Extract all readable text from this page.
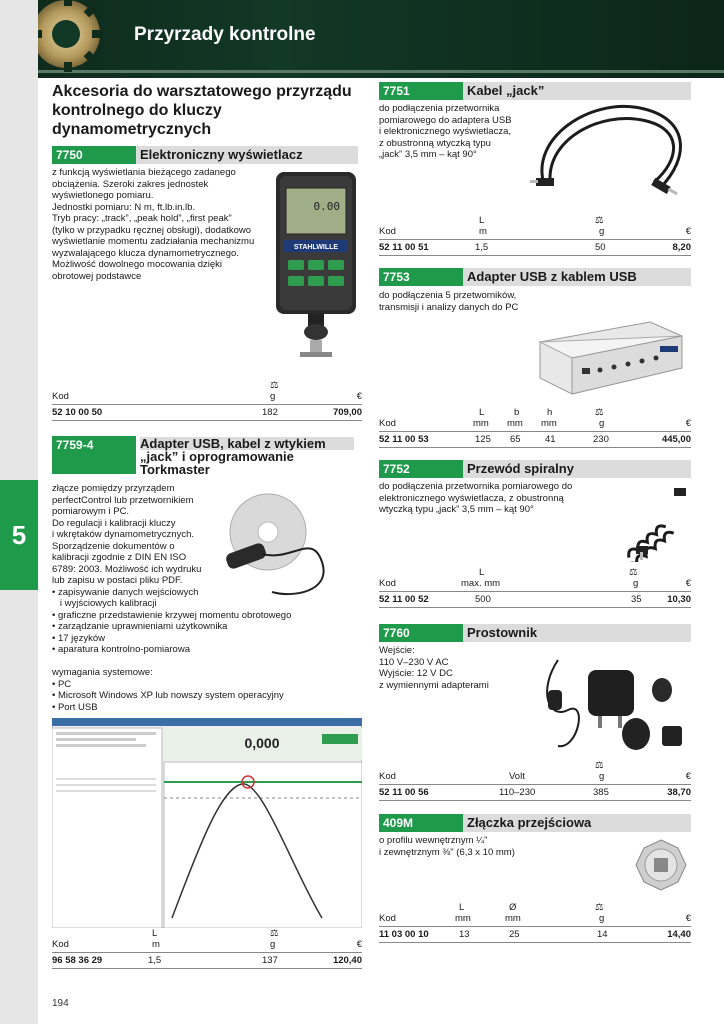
5
Przyrzady kontrolne
Akcesoria do warsztatowego przyrządu kontrolnego do kluczy dynamometrycznych
7750	Elektroniczny wyświetlacz
z funkcją wyświetlania bieżącego zadanego
obciążenia. Szeroki zakres jednostek
wyświetlonego pomiaru.
Jednostki pomiaru: N m, ft.lb.in.lb.
Tryb pracy: „track”, „peak hold”, „first peak”
(tylko w przypadku ręcznej obsługi), dodatkowo
wyświetlanie momentu zadziałania mechanizmu
wyzwalającego klucza dynamometrycznego.
Możliwość dowolnego mocowania dzięki
obrotowej podstawce
0.00
STAHLWILLE
⚖
Kod	g	€
52 10 00 50	182	709,00
7759-4	Adapter USB, kabel z wtykiem
„jack” i oprogramowanie
Torkmaster
złącze pomiędzy przyrządem
perfectControl lub przetwornikiem
pomiarowym i PC.
Do regulacji i kalibracji kluczy
i wkrętaków dynamometrycznych.
Sporządzenie dokumentów o
kalibracji zgodnie z DIN EN ISO
6789: 2003. Możliwość ich wydruku
lub zapisu w postaci pliku PDF.
• zapisywanie danych wejściowych
i wyjściowych kalibracji
• graficzne przedstawienie krzywej momentu obrotowego
• zarządzanie uprawnieniami użytkownika
• 17 języków
• aparatura kontrolno-pomiarowa
wymagania systemowe:
• PC
• Microsoft Windows XP lub nowszy system operacyjny
• Port USB
0,000
L	⚖
Kod	m	g	€
96 58 36 29	1,5	137	120,40
7751	Kabel „jack”
do podłączenia przetwornika
pomiarowego do adaptera USB
i elektronicznego wyświetlacza,
z obustronną wtyczką typu
„jack” 3,5 mm – kąt 90°
L	⚖
Kod	m	g	€
52 11 00 51	1,5	50	8,20
7753	Adapter USB z kablem USB
do podłączenia 5 przetworników,
transmisji i analizy danych do PC
L	b	h	⚖
Kod	mm mm mm	g	€
52 11 00 53	125 65	41	230	445,00
7752	Przewód spiralny
do podłączenia przetwornika pomiarowego do
elektronicznego wyświetlacza, z obustronną
wtyczką typu „jack” 3,5 mm – kąt 90°
L	⚖
Kod	max. mm	g	€
52 11 00 52	500	35	10,30
7760	Prostownik
Wejście:
110 V–230 V AC
Wyjście: 12 V DC
z wymiennymi adapterami
⚖
Kod	Volt	g	€
52 11 00 56	110–230	385	38,70
409M	Złączka przejściowa
o profilu wewnętrznym ¼"
i zewnętrznym ⅜" (6,3 x 10 mm)
L	Ø	⚖
Kod	mm	mm	g	€
11 03 00 10	13	25	14	14,40
194
